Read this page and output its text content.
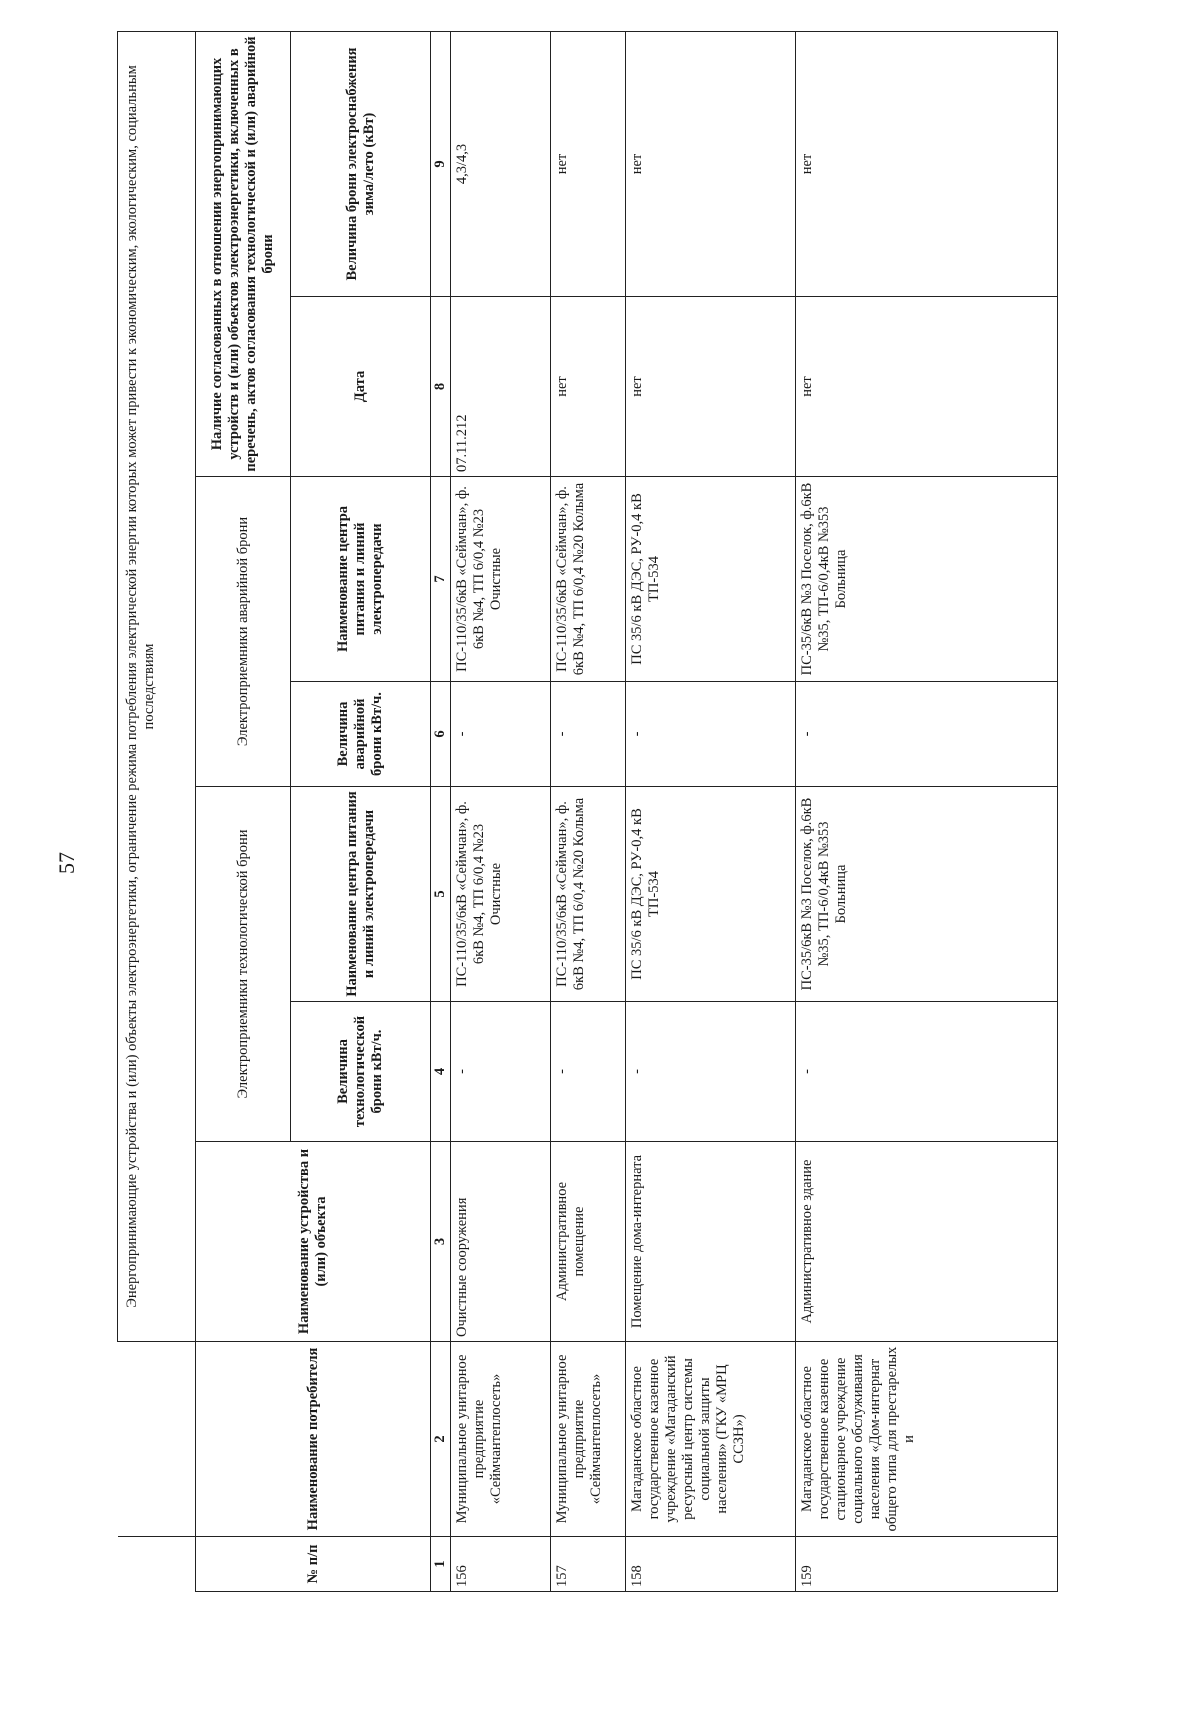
57
			Энергопринимающие устройства и (или) объекты электроэнергетики, ограничение режима потребления электрической энергии которых может привести к экономическим, экологическим, социальным последствиям						
№ п/п	Наименование потребителя	Наименование устройства и (или) объекта	Электроприемники технологической брони		Электроприемники аварийной брони		Наличие согласованных в отношении энергопринимающих устройств и (или) объектов электроэнергетики, включенных в перечень, актов согласования технологической и (или) аварийной брони	
			Величина технологической брони кВт/ч.	Наименование центра питания и линий электропередачи	Величина аварийной брони кВт/ч.	Наименование центра питания и линий электропередачи	Дата	Величина брони электроснабжения зима/лето (кВт)
1	2	3	4	5	6	7	8	9
156	Муниципальное унитарное предприятие «Сеймчантеплосеть»	Очистные сооружения	-	ПС-110/35/6кВ «Сеймчан», ф. 6кВ №4, ТП 6/0,4 №23 Очистные	-	ПС-110/35/6кВ «Сеймчан», ф. 6кВ №4, ТП 6/0,4 №23 Очистные	07.11.212	4,3/4,3
157	Муниципальное унитарное предприятие «Сеймчантеплосеть»	Административное помещение	-	ПС-110/35/6кВ «Сеймчан», ф. 6кВ №4, ТП 6/0,4 №20 Колыма	-	ПС-110/35/6кВ «Сеймчан», ф. 6кВ №4, ТП 6/0,4 №20 Колыма	нет	нет
158	Магаданское областное государственное казенное учреждение «Магаданский ресурсный центр системы социальной защиты населения» (ГКУ «МРЦ ССЗН»)	Помещение дома-интерната	-	ПС 35/6 кВ ДЭС, РУ-0,4 кВ ТП-534	-	ПС 35/6 кВ ДЭС, РУ-0,4 кВ ТП-534	нет	нет
159	Магаданское областное государственное казенное стационарное учреждение социального обслуживания населения «Дом-интернат общего типа для престарелых и	Административное здание	-	ПС-35/6кВ №3 Поселок, ф.6кВ №35, ТП-6/0,4кВ №353 Больница	-	ПС-35/6кВ №3 Поселок, ф.6кВ №35, ТП-6/0,4кВ №353 Больница	нет	нет
